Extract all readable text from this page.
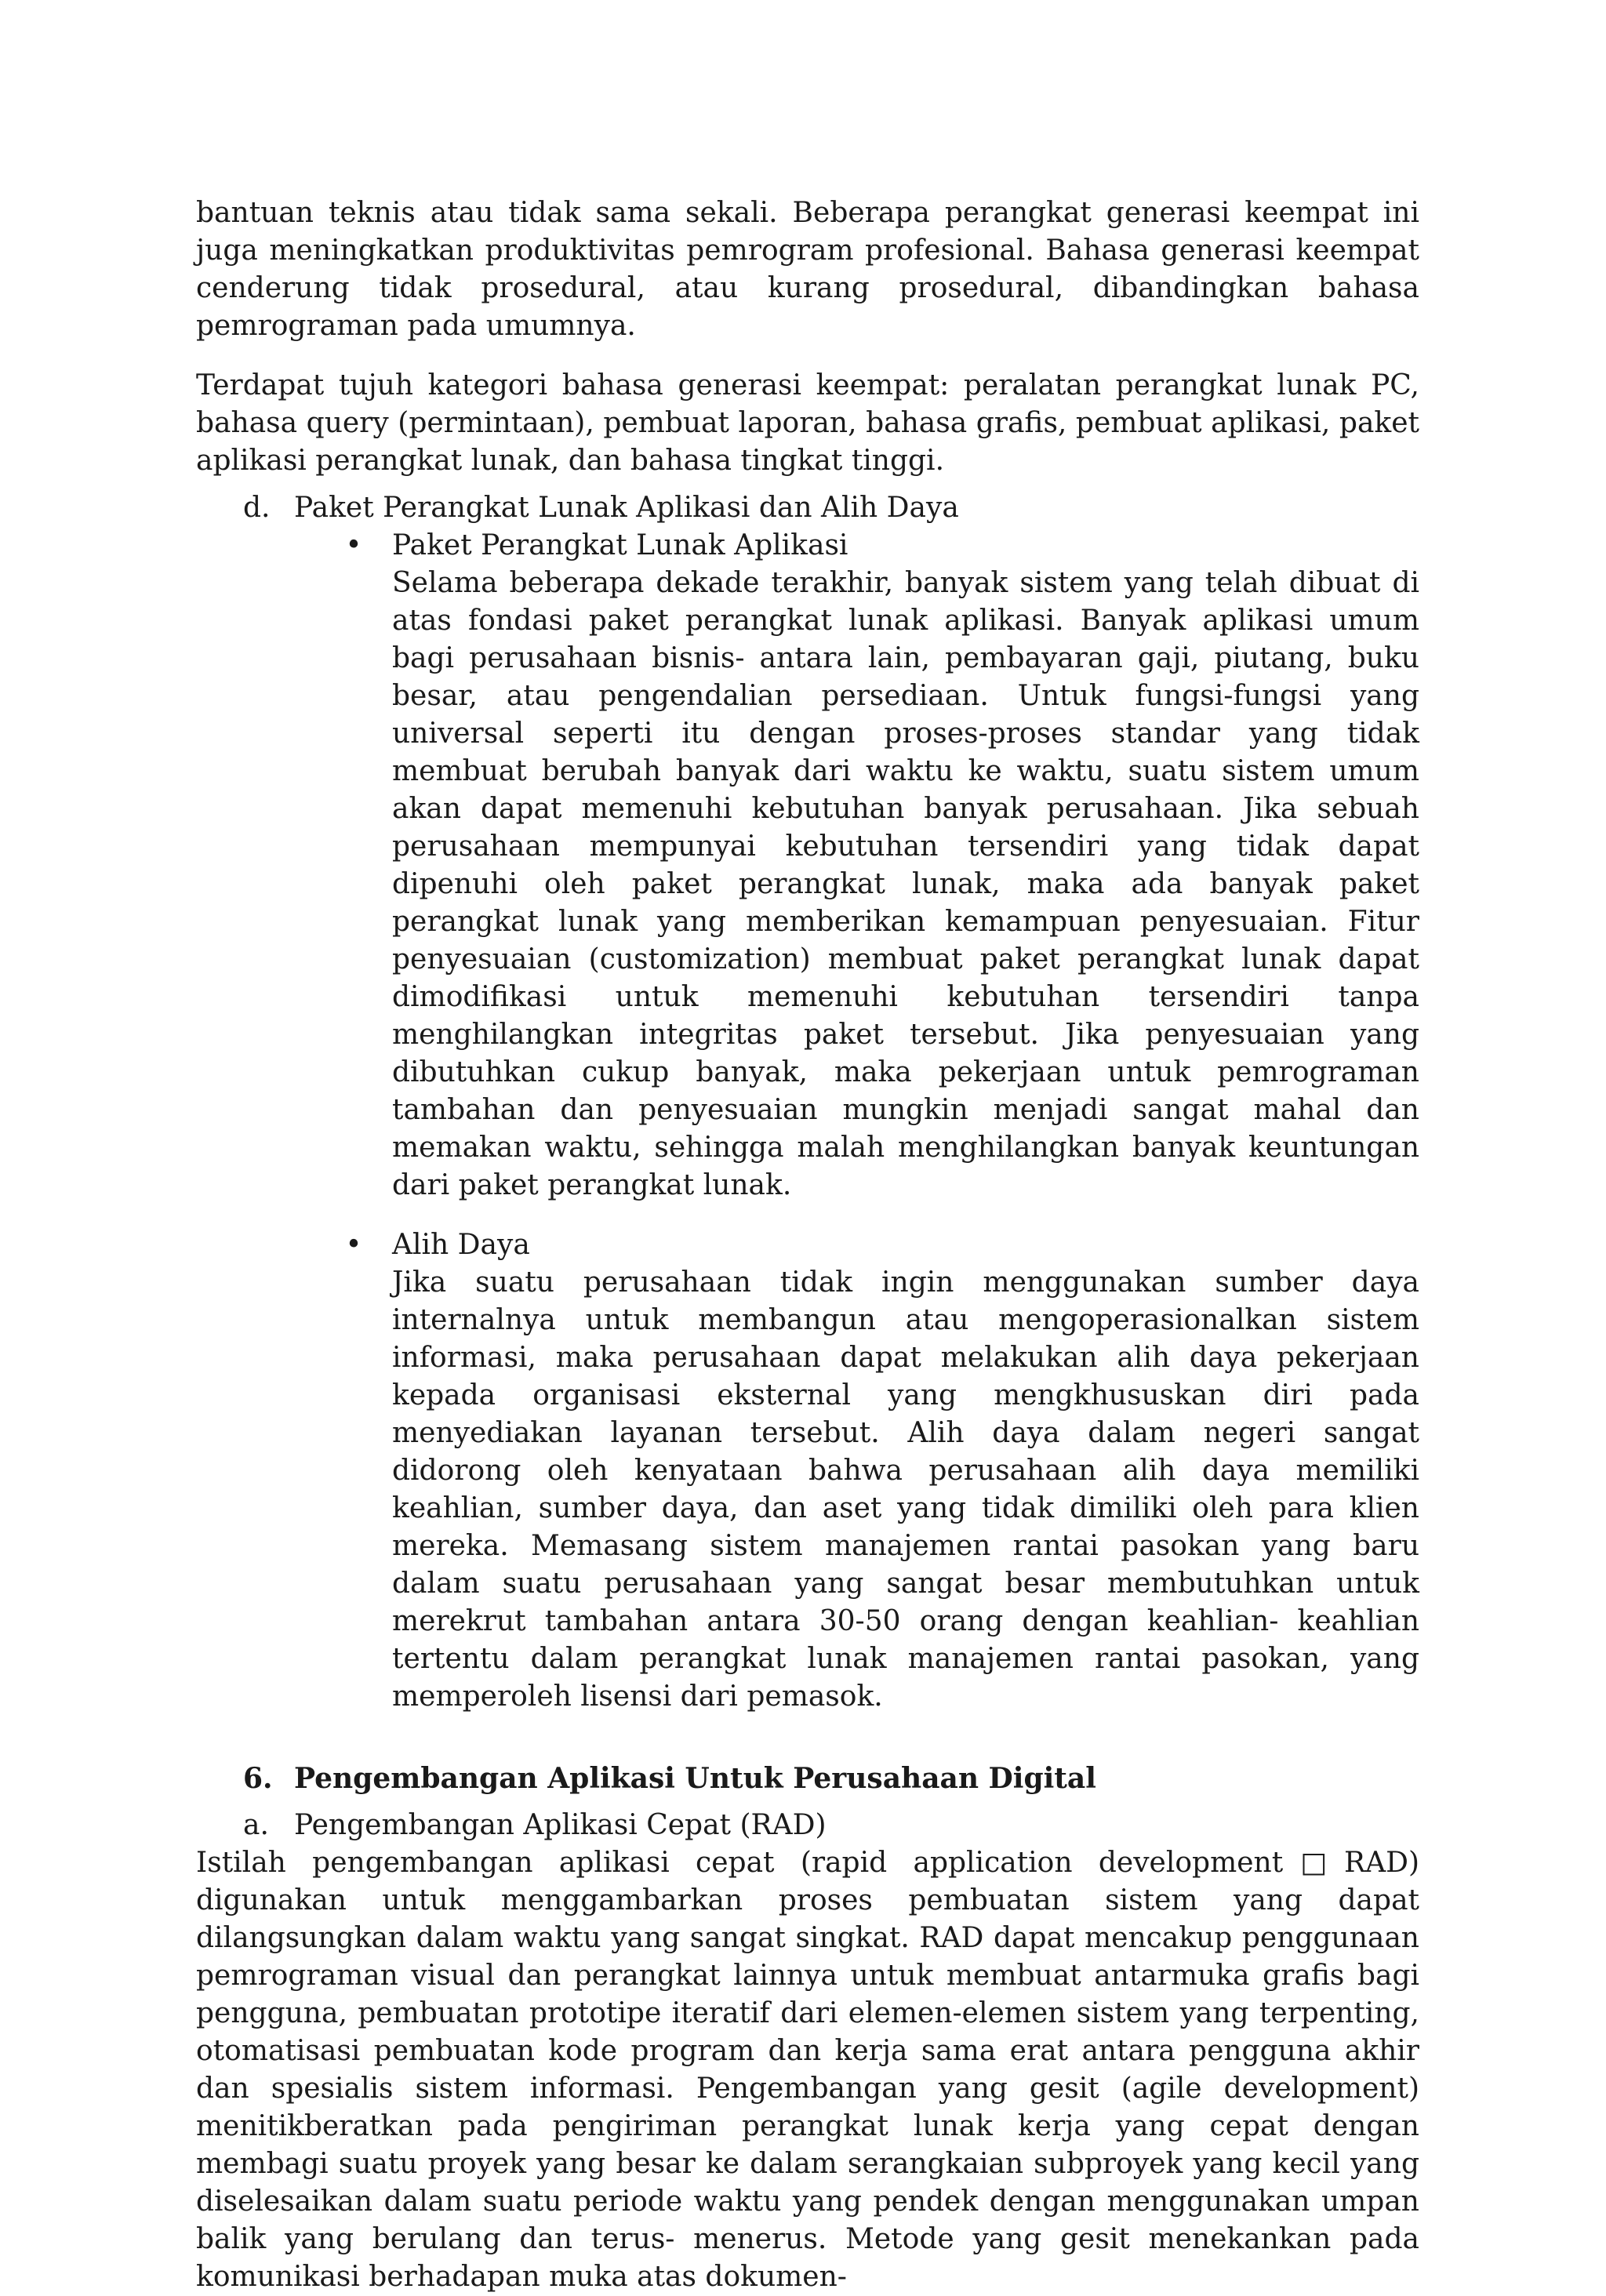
bantuan teknis atau tidak sama sekali. Beberapa perangkat generasi keempat ini juga meningkatkan produktivitas pemrogram profesional. Bahasa generasi keempat cenderung tidak prosedural, atau kurang prosedural, dibandingkan bahasa pemrograman pada umumnya.

Terdapat tujuh kategori bahasa generasi keempat: peralatan perangkat lunak PC, bahasa query (permintaan), pembuat laporan, bahasa grafis, pembuat aplikasi, paket aplikasi perangkat lunak, dan bahasa tingkat tinggi.

d. Paket Perangkat Lunak Aplikasi dan Alih Daya
• Paket Perangkat Lunak Aplikasi

Selama beberapa dekade terakhir, banyak sistem yang telah dibuat di atas fondasi paket perangkat lunak aplikasi. Banyak aplikasi umum bagi perusahaan bisnis- antara lain, pembayaran gaji, piutang, buku besar, atau pengendalian persediaan. Untuk fungsi-fungsi yang universal seperti itu dengan proses-proses standar yang tidak membuat berubah banyak dari waktu ke waktu, suatu sistem umum akan dapat memenuhi kebutuhan banyak perusahaan. Jika sebuah perusahaan mempunyai kebutuhan tersendiri yang tidak dapat dipenuhi oleh paket perangkat lunak, maka ada banyak paket perangkat lunak yang memberikan kemampuan penyesuaian. Fitur penyesuaian (customization) membuat paket perangkat lunak dapat dimodifikasi untuk memenuhi kebutuhan tersendiri tanpa menghilangkan integritas paket tersebut. Jika penyesuaian yang dibutuhkan cukup banyak, maka pekerjaan untuk pemrograman tambahan dan penyesuaian mungkin menjadi sangat mahal dan memakan waktu, sehingga malah menghilangkan banyak keuntungan dari paket perangkat lunak.

• Alih Daya

Jika suatu perusahaan tidak ingin menggunakan sumber daya internalnya untuk membangun atau mengoperasionalkan sistem informasi, maka perusahaan dapat melakukan alih daya pekerjaan kepada organisasi eksternal yang mengkhususkan diri pada menyediakan layanan tersebut. Alih daya dalam negeri sangat didorong oleh kenyataan bahwa perusahaan alih daya memiliki keahlian, sumber daya, dan aset yang tidak dimiliki oleh para klien mereka. Memasang sistem manajemen rantai pasokan yang baru dalam suatu perusahaan yang sangat besar membutuhkan untuk merekrut tambahan antara 30-50 orang dengan keahlian- keahlian tertentu dalam perangkat lunak manajemen rantai pasokan, yang memperoleh lisensi dari pemasok.

6. Pengembangan Aplikasi Untuk Perusahaan Digital
a. Pengembangan Aplikasi Cepat (RAD)

Istilah pengembangan aplikasi cepat (rapid application development□RAD) digunakan untuk menggambarkan proses pembuatan sistem yang dapat dilangsungkan dalam waktu yang sangat singkat. RAD dapat mencakup penggunaan pemrograman visual dan perangkat lainnya untuk membuat antarmuka grafis bagi pengguna, pembuatan prototipe iteratif dari elemen-elemen sistem yang terpenting, otomatisasi pembuatan kode program dan kerja sama erat antara pengguna akhir dan spesialis sistem informasi. Pengembangan yang gesit (agile development) menitikberatkan pada pengiriman perangkat lunak kerja yang cepat dengan membagi suatu proyek yang besar ke dalam serangkaian subproyek yang kecil yang diselesaikan dalam suatu periode waktu yang pendek dengan menggunakan umpan balik yang berulang dan terus- menerus. Metode yang gesit menekankan pada komunikasi berhadapan muka atas dokumen-
